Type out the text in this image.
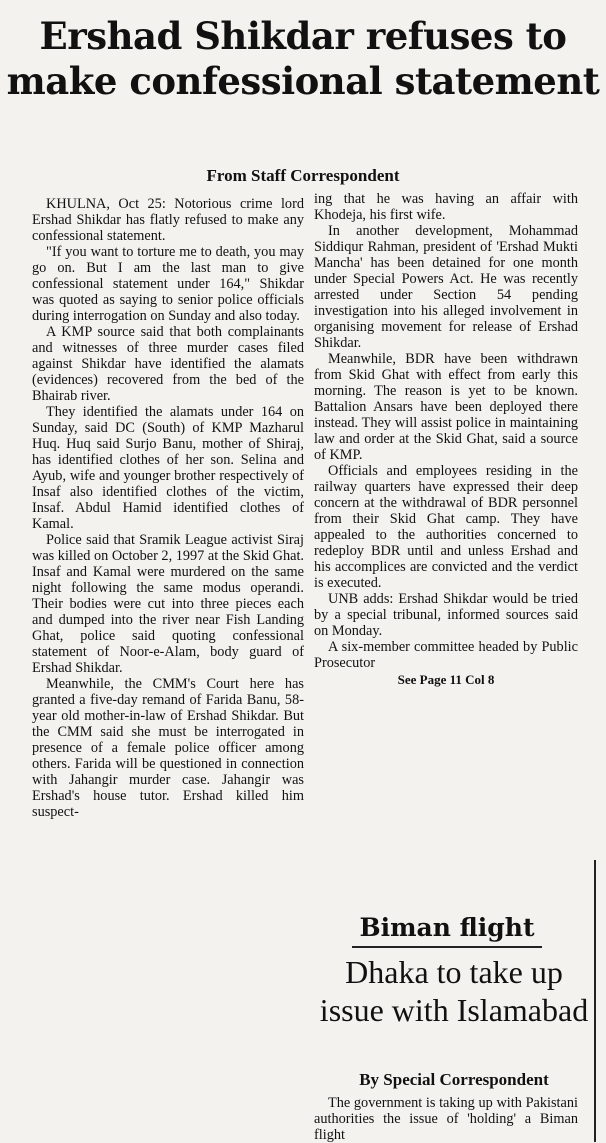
Ershad Shikdar refuses to make confessional statement
From Staff Correspondent

KHULNA, Oct 25: Notorious crime lord Ershad Shikdar has flatly refused to make any confessional statement.

"If you want to torture me to death, you may go on. But I am the last man to give confessional statement under 164," Shikdar was quoted as saying to senior police officials during interrogation on Sunday and also today.

A KMP source said that both complainants and witnesses of three murder cases filed against Shikdar have identified the alamats (evidences) recovered from the bed of the Bhairab river.

They identified the alamats under 164 on Sunday, said DC (South) of KMP Mazharul Huq. Huq said Surjo Banu, mother of Shiraj, has identified clothes of her son. Selina and Ayub, wife and younger brother respectively of Insaf also identified clothes of the victim, Insaf. Abdul Hamid identified clothes of Kamal.

Police said that Sramik League activist Siraj was killed on October 2, 1997 at the Skid Ghat. Insaf and Kamal were murdered on the same night following the same modus operandi. Their bodies were cut into three pieces each and dumped into the river near Fish Landing Ghat, police said quoting confessional statement of Noor-e-Alam, body guard of Ershad Shikdar.

Meanwhile, the CMM's Court here has granted a five-day remand of Farida Banu, 58-year old mother-in-law of Ershad Shikdar. But the CMM said she must be interrogated in presence of a female police officer among others. Farida will be questioned in connection with Jahangir murder case. Jahangir was Ershad's house tutor. Ershad killed him suspect-

ing that he was having an affair with Khodeja, his first wife.

In another development, Mohammad Siddiqur Rahman, president of 'Ershad Mukti Mancha' has been detained for one month under Special Powers Act. He was recently arrested under Section 54 pending investigation into his alleged involvement in organising movement for release of Ershad Shikdar.

Meanwhile, BDR have been withdrawn from Skid Ghat with effect from early this morning. The reason is yet to be known. Battalion Ansars have been deployed there instead. They will assist police in maintaining law and order at the Skid Ghat, said a source of KMP.

Officials and employees residing in the railway quarters have expressed their deep concern at the withdrawal of BDR personnel from their Skid Ghat camp. They have appealed to the authorities concerned to redeploy BDR until and unless Ershad and his accomplices are convicted and the verdict is executed.

UNB adds: Ershad Shikdar would be tried by a special tribunal, informed sources said on Monday.

A six-member committee headed by Public Prosecutor

See Page 11 Col 8
Biman flight
Dhaka to take up issue with Islamabad
By Special Correspondent

The government is taking up with Pakistani authorities the issue of 'holding' a Biman flight
